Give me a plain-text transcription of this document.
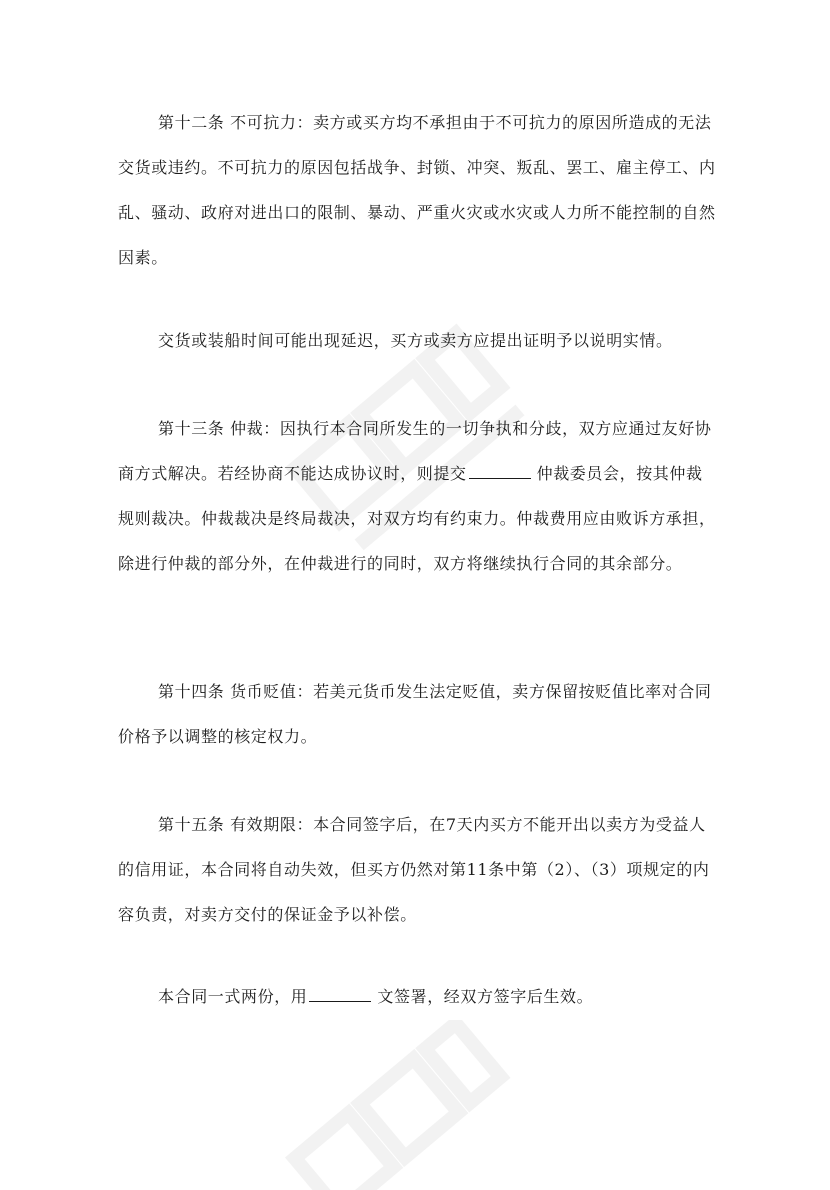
第十二条 不可抗力：卖方或买方均不承担由于不可抗力的原因所造成的无法交货或违约。不可抗力的原因包括战争、封锁、冲突、叛乱、罢工、雇主停工、内乱、骚动、政府对进出口的限制、暴动、严重火灾或水灾或人力所不能控制的自然因素。

交货或装船时间可能出现延迟，买方或卖方应提出证明予以说明实情。

第十三条 仲裁：因执行本合同所发生的一切争执和分歧，双方应通过友好协商方式解决。若经协商不能达成协议时，则提交	仲裁委员会，按其仲裁规则裁决。仲裁裁决是终局裁决，对双方均有约束力。仲裁费用应由败诉方承担，除进行仲裁的部分外，在仲裁进行的同时，双方将继续执行合同的其余部分。

第十四条 货币贬值：若美元货币发生法定贬值，卖方保留按贬值比率对合同价格予以调整的核定权力。

第十五条 有效期限：本合同签字后，在7天内买方不能开出以卖方为受益人的信用证，本合同将自动失效，但买方仍然对第11条中第（2）、（3）项规定的内容负责，对卖方交付的保证金予以补偿。

本合同一式两份，用	文签署，经双方签字后生效。
